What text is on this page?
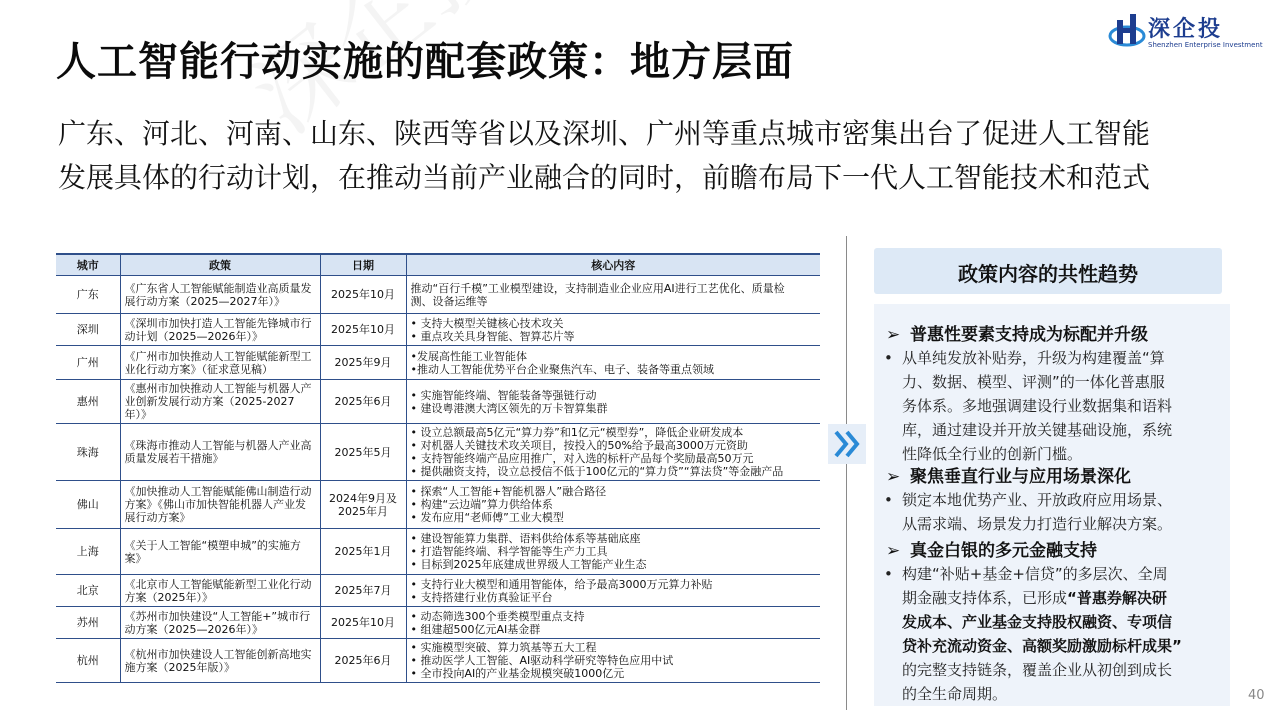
人工智能行动实施的配套政策：地方层面
深企投
Shenzhen Enterprise Investment
广东、河北、河南、山东、陕西等省以及深圳、广州等重点城市密集出台了促进人工智能
发展具体的行动计划，在推动当前产业融合的同时，前瞻布局下一代人工智能技术和范式
城市	政策	日期	核心内容
广东	《广东省人工智能赋能制造业高质量发展行动方案（2025—2027年）》	2025年10月	推动“百行千模”工业模型建设，支持制造业企业应用AI进行工艺优化、质量检
测、设备运维等

深圳	《深圳市加快打造人工智能先锋城市行动计划（2025—2026年）》	2025年10月	• 支持大模型关键核心技术攻关
• 重点攻关具身智能、智算芯片等

广州	《广州市加快推动人工智能赋能新型工业化行动方案》（征求意见稿）	2025年9月	•发展高性能工业智能体
•推动人工智能优势平台企业聚焦汽车、电子、装备等重点领域

惠州	《惠州市加快推动人工智能与机器人产业创新发展行动方案（2025-2027年）》	2025年6月	• 实施智能终端、智能装备等强链行动
• 建设粤港澳大湾区领先的万卡智算集群

珠海	《珠海市推动人工智能与机器人产业高质量发展若干措施》	2025年5月	• 设立总额最高5亿元“算力券”和1亿元“模型券”，降低企业研发成本
• 对机器人关键技术攻关项目，按投入的50%给予最高3000万元资助
• 支持智能终端产品应用推广，对入选的标杆产品每个奖励最高50万元
• 提供融资支持，设立总授信不低于100亿元的“算力贷”“算法贷”等金融产品

佛山	《加快推动人工智能赋能佛山制造行动方案》《佛山市加快智能机器人产业发展行动方案》	2024年9月及2025年月	• 探索“人工智能+智能机器人”融合路径
• 构建“云边端”算力供给体系
• 发布应用“老师傅”工业大模型

上海	《关于人工智能“模塑申城”的实施方案》	2025年1月	• 建设智能算力集群、语料供给体系等基础底座
• 打造智能终端、科学智能等生产力工具
• 目标到2025年底建成世界级人工智能产业生态

北京	《北京市人工智能赋能新型工业化行动方案（2025年）》	2025年7月	• 支持行业大模型和通用智能体，给予最高3000万元算力补贴
• 支持搭建行业仿真验证平台

苏州	《苏州市加快建设“人工智能+”城市行动方案（2025—2026年）》	2025年10月	• 动态筛选300个垂类模型重点支持
• 组建超500亿元AI基金群

杭州	《杭州市加快建设人工智能创新高地实施方案（2025年版）》	2025年6月	• 实施模型突破、算力筑基等五大工程
• 推动医学人工智能、AI驱动科学研究等特色应用中试
• 全市投向AI的产业基金规模突破1000亿元
政策内容的共性趋势
➢ 普惠性要素支持成为标配并升级
• 从单纯发放补贴券，升级为构建覆盖“算
力、数据、模型、评测”的一体化普惠服
务体系。多地强调建设行业数据集和语料
库，通过建设并开放关键基础设施，系统
性降低全行业的创新门槛。
➢ 聚焦垂直行业与应用场景深化
• 锁定本地优势产业、开放政府应用场景、
从需求端、场景发力打造行业解决方案。
➢ 真金白银的多元金融支持
• 构建“补贴+基金+信贷”的多层次、全周
期金融支持体系，已形成“普惠券解决研
发成本、产业基金支持股权融资、专项信
贷补充流动资金、高额奖励激励标杆成果”
的完整支持链条，覆盖企业从初创到成长
的全生命周期。	40
